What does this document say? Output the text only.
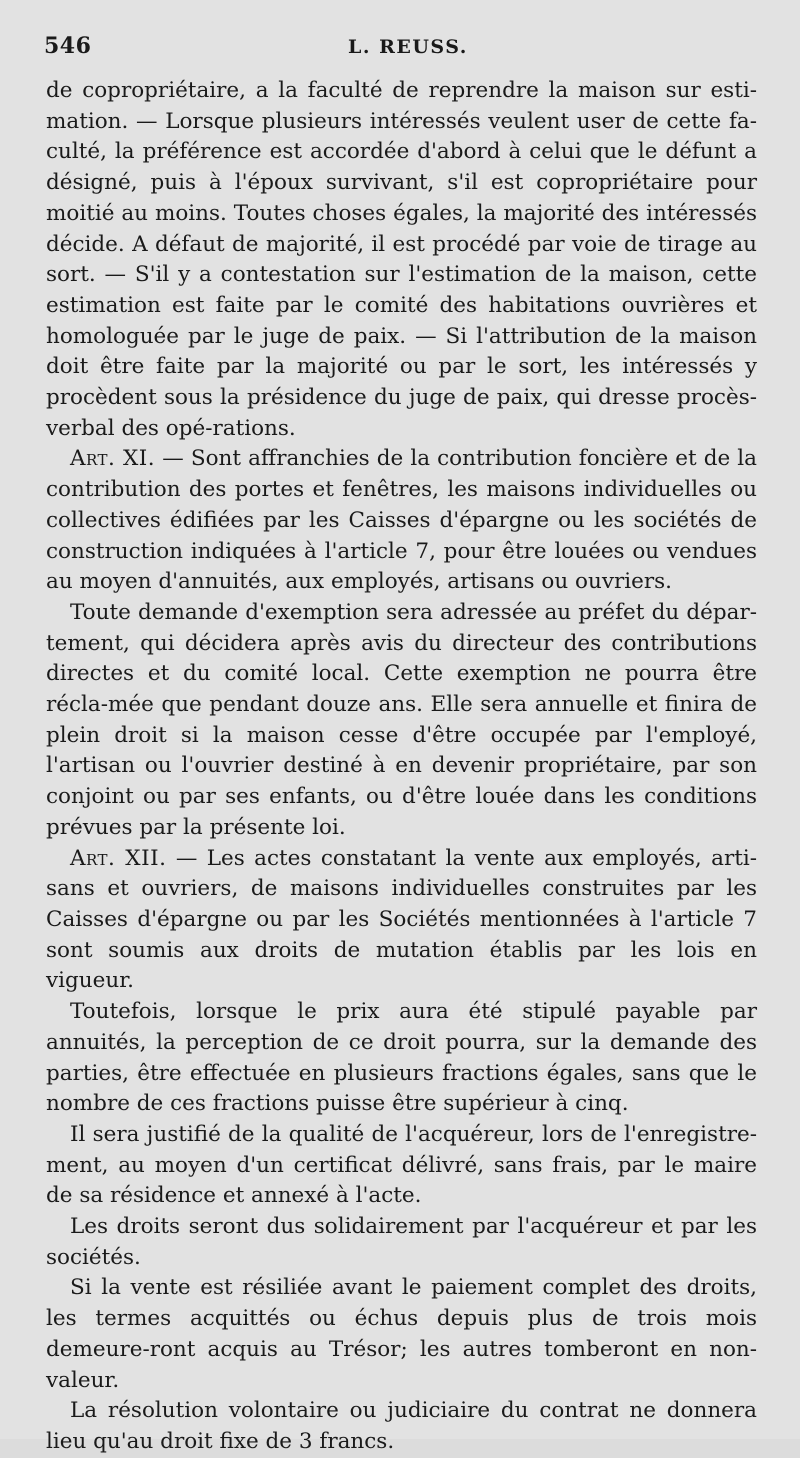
546	L. REUSS.

de copropriétaire, a la faculté de reprendre la maison sur esti-mation. — Lorsque plusieurs intéressés veulent user de cette fa-culté, la préférence est accordée d'abord à celui que le défunt a désigné, puis à l'époux survivant, s'il est copropriétaire pour moitié au moins. Toutes choses égales, la majorité des intéressés décide. A défaut de majorité, il est procédé par voie de tirage au sort. — S'il y a contestation sur l'estimation de la maison, cette estimation est faite par le comité des habitations ouvrières et homologuée par le juge de paix. — Si l'attribution de la maison doit être faite par la majorité ou par le sort, les intéressés y procèdent sous la présidence du juge de paix, qui dresse procès-verbal des opé-rations.

Art. XI. — Sont affranchies de la contribution foncière et de la contribution des portes et fenêtres, les maisons individuelles ou collectives édifiées par les Caisses d'épargne ou les sociétés de construction indiquées à l'article 7, pour être louées ou vendues au moyen d'annuités, aux employés, artisans ou ouvriers.

Toute demande d'exemption sera adressée au préfet du dépar-tement, qui décidera après avis du directeur des contributions directes et du comité local. Cette exemption ne pourra être récla-mée que pendant douze ans. Elle sera annuelle et finira de plein droit si la maison cesse d'être occupée par l'employé, l'artisan ou l'ouvrier destiné à en devenir propriétaire, par son conjoint ou par ses enfants, ou d'être louée dans les conditions prévues par la présente loi.

Art. XII. — Les actes constatant la vente aux employés, arti-sans et ouvriers, de maisons individuelles construites par les Caisses d'épargne ou par les Sociétés mentionnées à l'article 7 sont soumis aux droits de mutation établis par les lois en vigueur.

Toutefois, lorsque le prix aura été stipulé payable par annuités, la perception de ce droit pourra, sur la demande des parties, être effectuée en plusieurs fractions égales, sans que le nombre de ces fractions puisse être supérieur à cinq.

Il sera justifié de la qualité de l'acquéreur, lors de l'enregistre-ment, au moyen d'un certificat délivré, sans frais, par le maire de sa résidence et annexé à l'acte.

Les droits seront dus solidairement par l'acquéreur et par les sociétés.

Si la vente est résiliée avant le paiement complet des droits, les termes acquittés ou échus depuis plus de trois mois demeure-ront acquis au Trésor; les autres tomberont en non-valeur.

La résolution volontaire ou judiciaire du contrat ne donnera lieu qu'au droit fixe de 3 francs.
